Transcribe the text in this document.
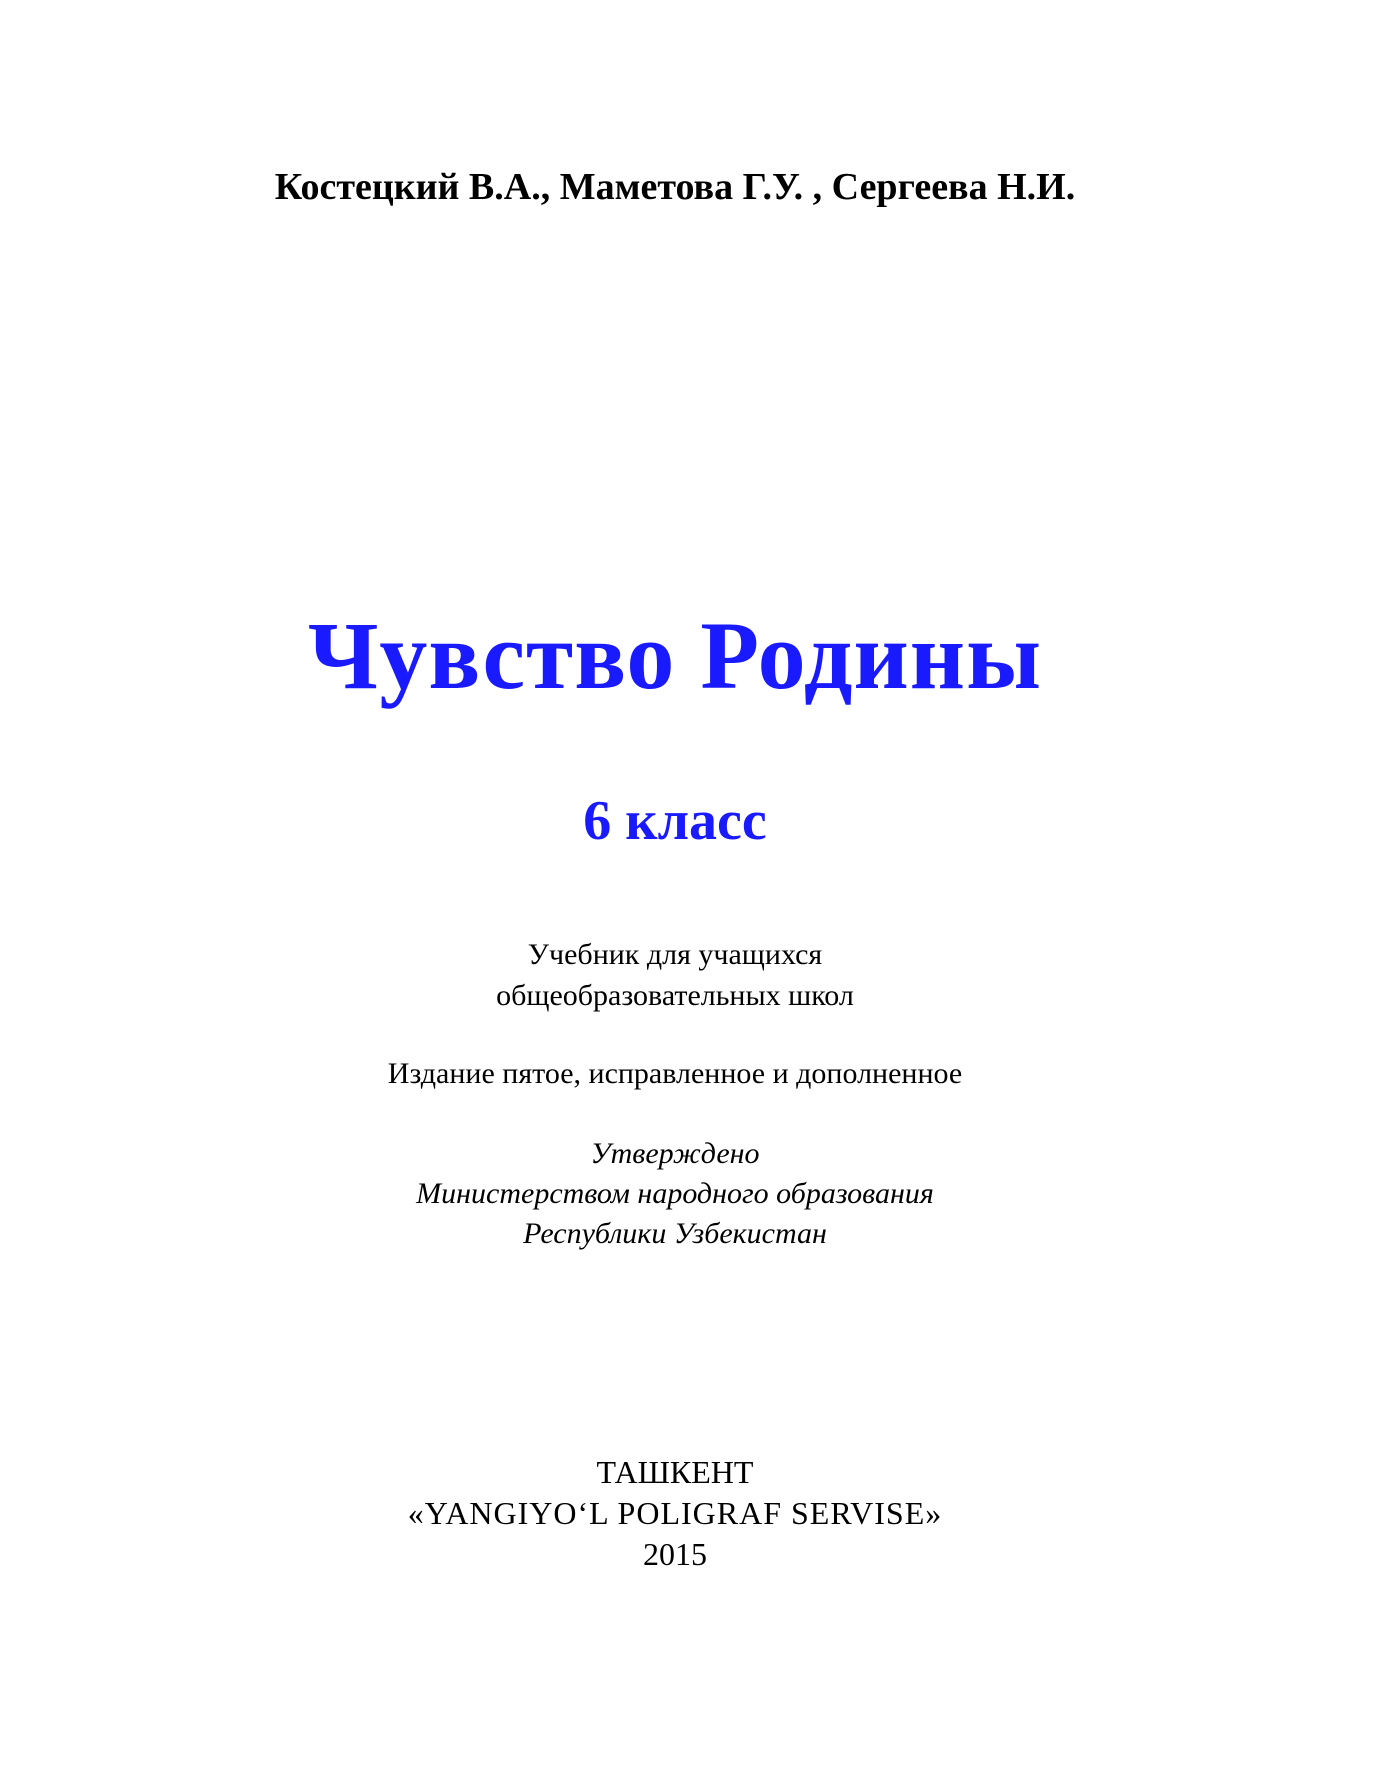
Костецкий В.А., Маметова Г.У. , Сергеева Н.И.
Чувство Родины
6 класс
Учебник для учащихся
общеобразовательных школ
Издание пятое, исправленное и дополненное
Утверждено
Министерством народного образования
Республики Узбекистан
ТАШКЕНТ
«YANGIYO‘L POLIGRAF SERVISE»
2015
